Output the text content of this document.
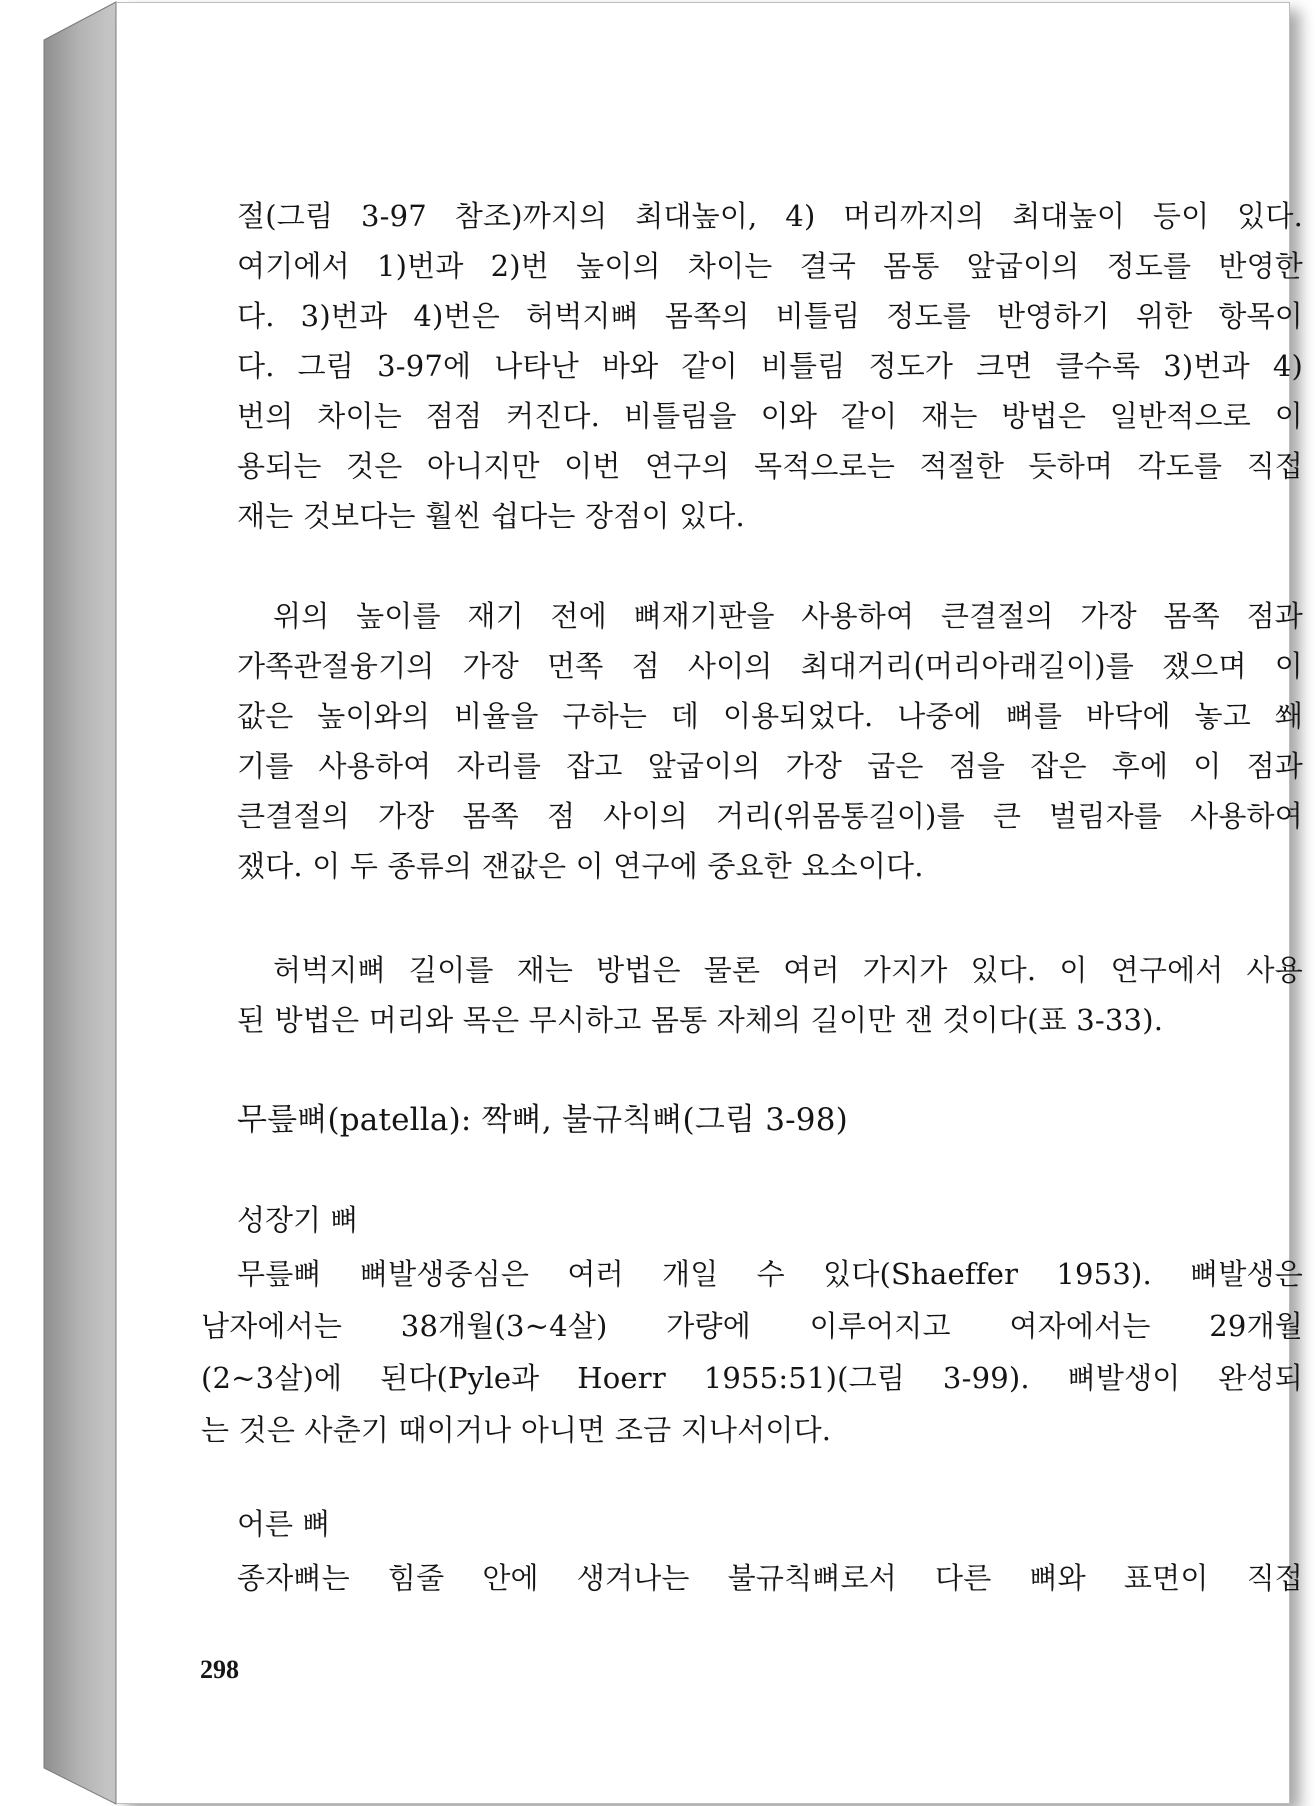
절(그림 3-97 참조)까지의 최대높이, 4) 머리까지의 최대높이 등이 있다.
여기에서 1)번과 2)번 높이의 차이는 결국 몸통 앞굽이의 정도를 반영한
다. 3)번과 4)번은 허벅지뼈 몸쪽의 비틀림 정도를 반영하기 위한 항목이
다. 그림 3-97에 나타난 바와 같이 비틀림 정도가 크면 클수록 3)번과 4)
번의 차이는 점점 커진다. 비틀림을 이와 같이 재는 방법은 일반적으로 이
용되는 것은 아니지만 이번 연구의 목적으로는 적절한 듯하며 각도를 직접
재는 것보다는 훨씬 쉽다는 장점이 있다.
위의 높이를 재기 전에 뼈재기판을 사용하여 큰결절의 가장 몸쪽 점과
가쪽관절융기의 가장 먼쪽 점 사이의 최대거리(머리아래길이)를 쟀으며 이
값은 높이와의 비율을 구하는 데 이용되었다. 나중에 뼈를 바닥에 놓고 쐐
기를 사용하여 자리를 잡고 앞굽이의 가장 굽은 점을 잡은 후에 이 점과
큰결절의 가장 몸쪽 점 사이의 거리(위몸통길이)를 큰 벌림자를 사용하여
쟀다. 이 두 종류의 잰값은 이 연구에 중요한 요소이다.
허벅지뼈 길이를 재는 방법은 물론 여러 가지가 있다. 이 연구에서 사용
된 방법은 머리와 목은 무시하고 몸통 자체의 길이만 잰 것이다(표 3-33).
무릎뼈(patella): 짝뼈, 불규칙뼈(그림 3-98)
성장기 뼈
무릎뼈 뼈발생중심은 여러 개일 수 있다(Shaeffer 1953). 뼈발생은
남자에서는 38개월(3~4살) 가량에 이루어지고 여자에서는 29개월
(2~3살)에 된다(Pyle과 Hoerr 1955:51)(그림 3-99). 뼈발생이 완성되
는 것은 사춘기 때이거나 아니면 조금 지나서이다.
어른 뼈
종자뼈는 힘줄 안에 생겨나는 불규칙뼈로서 다른 뼈와 표면이 직접
298
